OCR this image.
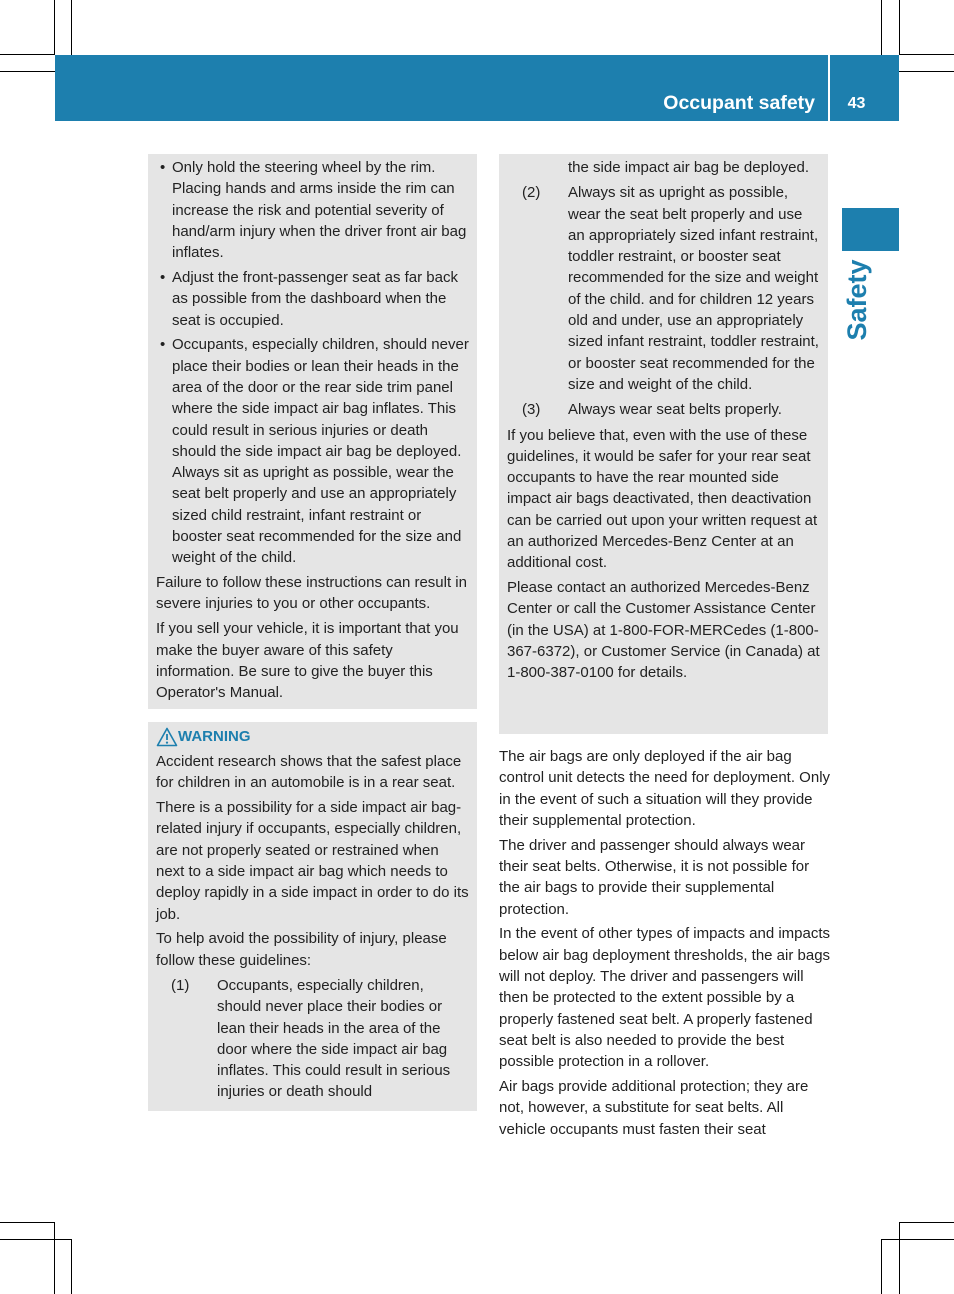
Occupant safety	43
Safety
• Only hold the steering wheel by the rim. Placing hands and arms inside the rim can increase the risk and potential severity of hand/arm injury when the driver front air bag inflates.
• Adjust the front-passenger seat as far back as possible from the dashboard when the seat is occupied.
• Occupants, especially children, should never place their bodies or lean their heads in the area of the door or the rear side trim panel where the side impact air bag inflates. This could result in serious injuries or death should the side impact air bag be deployed. Always sit as upright as possible, wear the seat belt properly and use an appropriately sized child restraint, infant restraint or booster seat recommended for the size and weight of the child.

Failure to follow these instructions can result in severe injuries to you or other occupants.

If you sell your vehicle, it is important that you make the buyer aware of this safety information. Be sure to give the buyer this Operator's Manual.

WARNING

Accident research shows that the safest place for children in an automobile is in a rear seat.

There is a possibility for a side impact air bag-related injury if occupants, especially children, are not properly seated or restrained when next to a side impact air bag which needs to deploy rapidly in a side impact in order to do its job.

To help avoid the possibility of injury, please follow these guidelines:

(1) Occupants, especially children, should never place their bodies or lean their heads in the area of the door where the side impact air bag inflates. This could result in serious injuries or death should
the side impact air bag be deployed.
(2) Always sit as upright as possible, wear the seat belt properly and use an appropriately sized infant restraint, toddler restraint, or booster seat recommended for the size and weight of the child. and for children 12 years old and under, use an appropriately sized infant restraint, toddler restraint, or booster seat recommended for the size and weight of the child.
(3) Always wear seat belts properly.

If you believe that, even with the use of these guidelines, it would be safer for your rear seat occupants to have the rear mounted side impact air bags deactivated, then deactivation can be carried out upon your written request at an authorized Mercedes-Benz Center at an additional cost.

Please contact an authorized Mercedes-Benz Center or call the Customer Assistance Center (in the USA) at 1-800-FOR-MERCedes (1-800-367-6372), or Customer Service (in Canada) at 1-800-387-0100 for details.

The air bags are only deployed if the air bag control unit detects the need for deployment. Only in the event of such a situation will they provide their supplemental protection.

The driver and passenger should always wear their seat belts. Otherwise, it is not possible for the air bags to provide their supplemental protection.

In the event of other types of impacts and impacts below air bag deployment thresholds, the air bags will not deploy. The driver and passengers will then be protected to the extent possible by a properly fastened seat belt. A properly fastened seat belt is also needed to provide the best possible protection in a rollover.

Air bags provide additional protection; they are not, however, a substitute for seat belts. All vehicle occupants must fasten their seat
